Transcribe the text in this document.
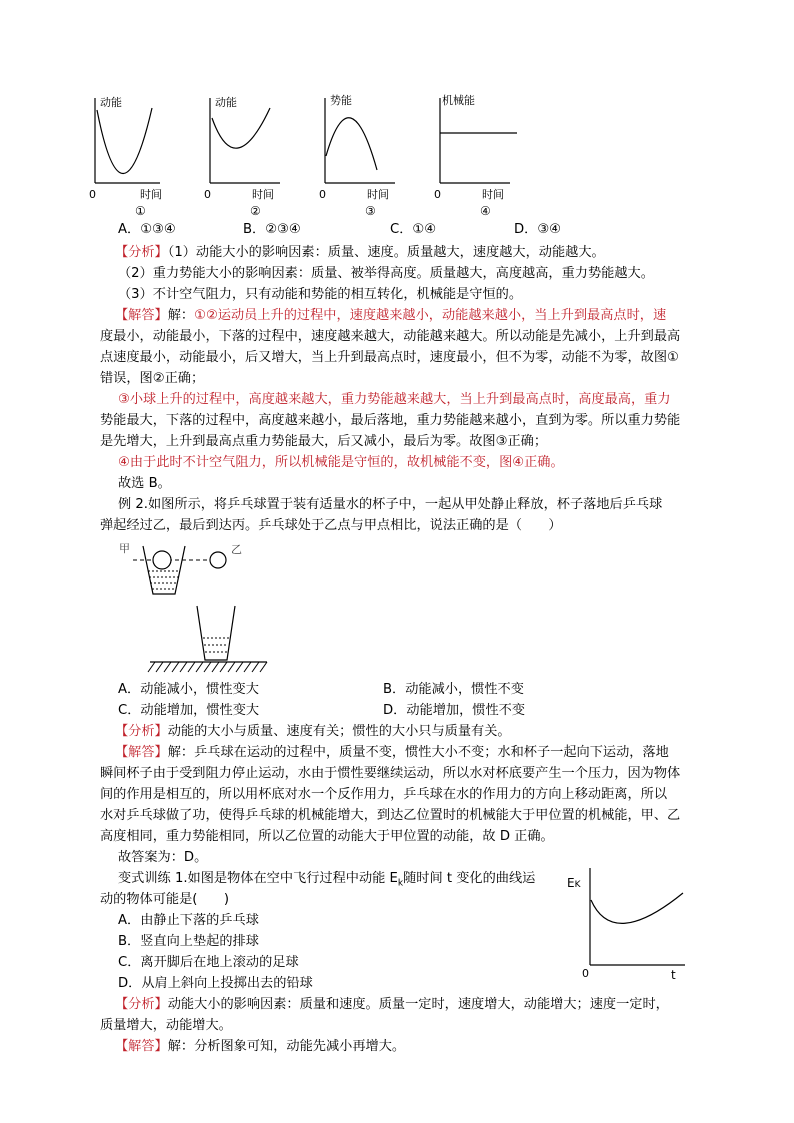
动能
0	时间
①
动能
0	时间
②
势能
0	时间
③
机械能
0	时间
④
A．①③④	B．②③④	C．①④	D．③④
【分析】（1）动能大小的影响因素：质量、速度。质量越大，速度越大，动能越大。
（2）重力势能大小的影响因素：质量、被举得高度。质量越大，高度越高，重力势能越大。
（3）不计空气阻力，只有动能和势能的相互转化，机械能是守恒的。
【解答】解：①②运动员上升的过程中，速度越来越小，动能越来越小，当上升到最高点时，速
度最小，动能最小，下落的过程中，速度越来越大，动能越来越大。所以动能是先减小，上升到最高
点速度最小，动能最小，后又增大，当上升到最高点时，速度最小，但不为零，动能不为零，故图①
错误，图②正确；
③小球上升的过程中，高度越来越大，重力势能越来越大，当上升到最高点时，高度最高，重力
势能最大，下落的过程中，高度越来越小，最后落地，重力势能越来越小，直到为零。所以重力势能
是先增大，上升到最高点重力势能最大，后又减小，最后为零。故图③正确；
④由于此时不计空气阻力，所以机械能是守恒的，故机械能不变，图④正确。
故选 B。
例 2.如图所示，将乒乓球置于装有适量水的杯子中，一起从甲处静止释放，杯子落地后乒乓球
弹起经过乙，最后到达丙。乒乓球处于乙点与甲点相比，说法正确的是（　　）
甲	乙
A．动能减小，惯性变大	B．动能减小，惯性不变
C．动能增加，惯性变大	D．动能增加，惯性不变
【分析】动能的大小与质量、速度有关；惯性的大小只与质量有关。
【解答】解：乒乓球在运动的过程中，质量不变，惯性大小不变；水和杯子一起向下运动，落地
瞬间杯子由于受到阻力停止运动，水由于惯性要继续运动，所以水对杯底要产生一个压力，因为物体
间的作用是相互的，所以用杯底对水一个反作用力，乒乓球在水的作用力的方向上移动距离，所以
水对乒乓球做了功，使得乒乓球的机械能增大，到达乙位置时的机械能大于甲位置的机械能，甲、乙
高度相同，重力势能相同，所以乙位置的动能大于甲位置的动能，故 D 正确。
故答案为：D。
变式训练 1.如图是物体在空中飞行过程中动能 $E_k$随时间 t 变化的曲线运
动的物体可能是(　　)
A．由静止下落的乒乓球
B．竖直向上垫起的排球
C．离开脚后在地上滚动的足球
D．从肩上斜向上投掷出去的铅球
EK
0	t
【分析】动能大小的影响因素：质量和速度。质量一定时，速度增大，动能增大；速度一定时，
质量增大，动能增大。
【解答】解：分析图象可知，动能先减小再增大。
